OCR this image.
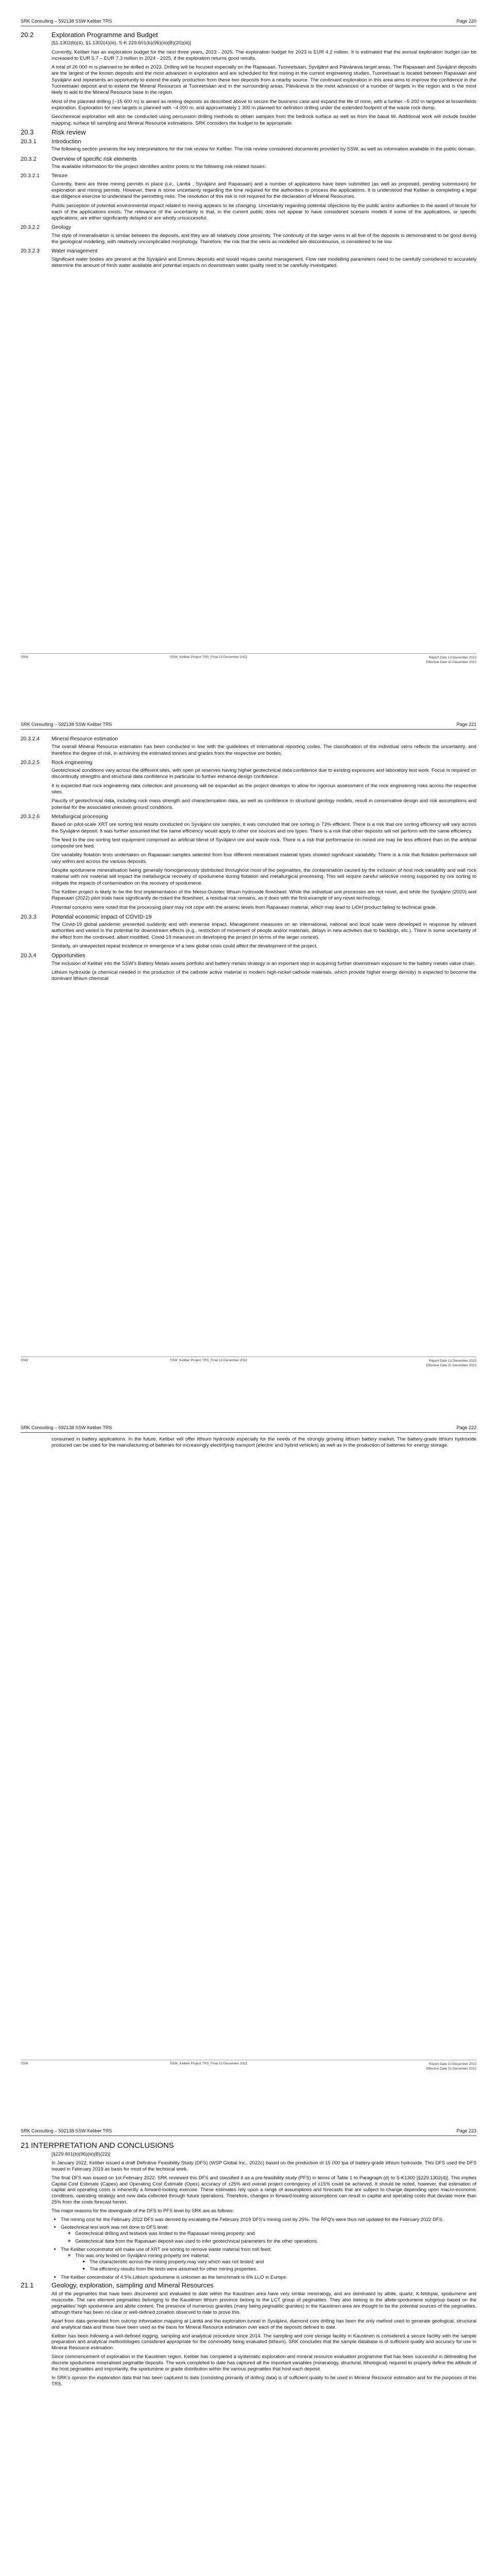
SRK Consulting – 592138 SSW Keliber TRS	Page 220
20.2	Exploration Programme and Budget

[§1.1302(b)(4), §1.1302(4)(iii), S-K 229.601(b)(96)(iii)(B)(20)(iii)]

Currently, Keliber has an exploration budget for the next three years, 2023 - 2025. The exploration budget for 2023 is EUR 4.2 million. It is estimated that the annual exploration budget can be increased to EUR 5.7 – EUR 7.3 million in 2024 - 2025, if the exploration returns good results.

A total of 26 000 m is planned to be drilled in 2023. Drilling will be focused especially on the Rapasaari, Tuoreetsaari, Syväjärvi and Päiväneva target areas. The Rapasaari and Syväjärvi deposits are the largest of the known deposits and the most advanced in exploration and are scheduled for first mining in the current engineering studies. Tuoreetsaari is located between Rapasaari and Syväjärvi and represents an opportunity to extend the early production from these two deposits from a nearby source. The continued exploration in this area aims to improve the confidence in the Tuoreetsaari deposit and to extend the Mineral Resources at Tuoreetsaari and in the surrounding areas. Päiväneva is the most advanced of a number of targets in the region and is the most likely to add to the Mineral Resource base in the region.

Most of the planned drilling (~15 600 m) is aimed as resting deposits as described above to secure the business case and expand the life of mine, with a further ~5 200 m targeted at brownfields exploration. Exploration for new targets is planned with ~4 000 m, and approximately 1 300 m planned for definition drilling under the extended footprint of the waste rock dump.

Geochemical exploration will also be conducted using percussion drilling methods to obtain samples from the bedrock surface as well as from the basal till. Additional work will include boulder mapping, surface till sampling and Mineral Resource estimations. SRK considers the budget to be appropriate.

20.3	Risk review
20.3.1	Introduction

The following section presents the key interpretations for the risk review for Keliber. The risk review considered documents provided by SSW, as well as information available in the public domain.

20.3.2	Overview of specific risk elements

The available information for the project identifies and/or points to the following risk-related issues:

20.3.2.1 Tenure

Currently, there are three mining permits in place (i.e., Länttä , Syväjärvi and Rapasaari) and a number of applications have been submitted (as well as proposed, pending submission) for exploration and mining permits. However, there is some uncertainty regarding the time required for the authorities to process the applications. It is understood that Keliber is completing a legal due diligence exercise to understand the permitting risks. The resolution of this risk is not required for the declaration of Mineral Resources.

Public perception of potential environmental impact related to mining appears to be changing. Uncertainty regarding potential objections by the public and/or authorities to the award of tenure for each of the applications exists. The relevance of the uncertainty is that, in the current public does not appear to have considered scenario models if some of the applications, or specific applications, are either significantly delayed or are wholly unsuccessful.

20.3.2.2 Geology

The style of mineralisation is similar between the deposits, and they are all relatively close proximity. The continuity of the larger veins in all five of the deposits is demonstrated to be good during the geological modelling, with relatively uncomplicated morphology. Therefore, the risk that the veins as modelled are discontinuous, is considered to be low.

20.3.2.3 Water management

Significant water bodies are present at the Syväjärvi and Emmes deposits and would require careful management. Flow rate modelling parameters need to be carefully considered to accurately determine the amount of fresh water available and potential impacts on downstream water quality need to be carefully investigated.

SSW	SSW_Keliber Project TRS_Final 13 December 2022	Report Date 13 December 2022
Effective Date 31 December 2022
SRK Consulting – 592138 SSW Keliber TRS	Page 221
20.3.2.4 Mineral Resource estimation

The overall Mineral Resource estimation has been conducted in line with the guidelines of international reporting codes. The classification of the individual veins reflects the uncertainty, and therefore the degree of risk, in achieving the estimated tonnes and grades from the respective ore bodies.

20.3.2.5 Rock engineering

Geotechnical conditions vary across the different sites, with open pit reserves having higher geotechnical data confidence due to existing exposures and laboratory test work. Focus is required on discontinuity strengths and structural data confidence in particular to further enhance design confidence.

It is expected that rock engineering data collection and processing will be expanded as the project develops to allow for rigorous assessment of the rock engineering risks across the respective sites.

Paucity of geotechnical data, including rock mass strength and characterisation data, as well as confidence in structural geology models, result in conservative design and risk assumptions and potential for the associated unknown ground conditions.

20.3.2.6 Metallurgical processing

Based on pilot-scale XRT ore sorting test results conducted on Syväjärvi ore samples, it was concluded that ore sorting is 73% efficient. There is a risk that ore sorting efficiency will vary across the Syväjärvi deposit. It was further assumed that the same efficiency would apply to other ore sources and ore types. There is a risk that other deposits will not perform with the same efficiency.

The feed to the ore sorting test equipment comprised an artificial blend of Syväjärvi ore and waste rock. There is a risk that performance on mined ore may be less efficient than on the artificial composite ore feed.

Ore variability flotation tests undertaken on Rapasaari samples selected from four different mineralised material types showed significant variability. There is a risk that flotation performance will vary within and across the various deposits.

Despite spodumene mineralisation being generally homogeneously distributed throughout most of the pegmatites, the contamination caused by the inclusion of host rock variability and wall rock material with ore material will impact the metallurgical recovery of spodumene during flotation and metallurgical processing. This will require careful selective mining supported by ore sorting to mitigate the impacts of contamination on the recovery of spodumene.

The Keliber project is likely to be the first implementation of the Metso:Outotec lithium hydroxide flowsheet. While the individual unit processes are not novel, and while the Syväjärvi (2020) and Rapasaari (2022) pilot trials have significantly de-risked the flowsheet, a residual risk remains, as it does with the first example of any novel technology.

Potential concerns were noted that the processing plant may not cope with the arsenic levels from Rapasaari material, which may lead to LiOH product failing to technical grade.

20.3.3	Potential economic impact of COVID-19

The Covid-19 global pandemic presented suddenly and with immense impact. Management measures on an international, national and local scale were developed in response by relevant authorities and varied in the potential for downstream effects (e.g., restriction of movement of people and/or materials, delays in new activities due to backlogs, etc.). There is some uncertainty of the effect from the continued, albeit modified, Covid-19 measures on developing the project (in terms of the larger context).

Similarly, an unexpected repeat incidence or emergence of a new global crisis could affect the development of the project.

20.3.4	Opportunities

The inclusion of Keliber into the SSW's Battery Metals assets portfolio and battery metals strategy is an important step in acquiring further downstream exposure to the battery metals value chain.

Lithium hydroxide (a chemical needed in the production of the cathode active material in modern high-nickel cathode materials, which provide higher energy density) is expected to become the dominant lithium chemical

SSW	SSW_Keliber Project TRS_Final 13 December 2022	Report Date 13 December 2022
Effective Date 31 December 2022
SRK Consulting – 592138 SSW Keliber TRS	Page 222

consumed in battery applications. In the future, Keliber will offer lithium hydroxide especially for the needs of the strongly growing lithium battery market. The battery-grade lithium hydroxide produced can be used for the manufacturing of batteries for increasingly electrifying transport (electric and hybrid vehicles) as well as in the production of batteries for energy storage.

SSW	SSW_Keliber Project TRS_Final 13 December 2022	Report Date 13 December 2022
Effective Date 31 December 2022
SRK Consulting – 592138 SSW Keliber TRS	Page 223
21 INTERPRETATION AND CONCLUSIONS

[§229.601(b)(96)(iii)(B)(22)]

In January 2022, Keliber issued a draft Definitive Feasibility Study (DFS) (WSP Global Inc., 2022c) based on the production of 15 000 tpa of battery-grade lithium hydroxide. This DFS used the DFS issued in February 2019 as basis for most of the technical work.

The final DFS was issued on 1st February 2022. SRK reviewed this DFS and classified it as a pre-feasibility study (PFS) in terms of Table 1 to Paragraph (d) to S-K1300 [§229.1302(d)]. This implies Capital Cost Estimate (Capex) and Operating Cost Estimate (Opex) accuracy of ±25% and overall project contingency of ≤15% could be achieved. It should be noted, however, that estimation of capital and operating costs is inherently a forward-looking exercise. These estimates rely upon a range of assumptions and forecasts that are subject to change depending upon macro-economic conditions, operating strategy and new data collected through future operations. Therefore, changes in forward-looking assumptions can result in capital and operating costs that deviate more than 25% from the costs forecast herein.

The major reasons for the downgrade of the DFS to PFS level by SRK are as follows:

• The mining cost for the February 2022 DFS was derived by escalating the February 2019 DFS's mining cost by 25%. The RFQ's were thus not updated for the February 2022 DFS.
• Geotechnical test work was not done to DFS level:
◦ Geotechnical drilling and testwork was limited to the Rapasaari mining property; and
◦ Geotechnical data from the Rapasaari deposit was used to infer geotechnical parameters for the other operations.
• The Keliber concentrator will make use of XRT ore sorting to remove waste material from mill feed;
◦ This was only tested on Syväjärvi mining property ore material;
▪ The characteristic across the mining property may vary which was not tested; and
▪ The efficiency results from the tests were assumed for other mining properties.
• The Keliber concentrator of 4.5% Lithium spodumene is unknown as the benchmark is 6% Li₂O in Europe.
21.1	Geology, exploration, sampling and Mineral Resources

All of the pegmatites that have been discovered and evaluated to date within the Kaustinen area have very similar mineralogy, and are dominated by albite, quartz, K-feldspar, spodumene and muscovite. The rare element pegmatites belonging to the Kaustinen lithium province belong to the LCT group of pegmatites. They also belong to the albite-spodumene subgroup based on the pegmatites' high spodumene and albite content. The presence of numerous granites (many being pegmatitic granites) in the Kaustinen area are thought to be the potential sources of the pegmatites, although there has been no clear or well-defined zonation observed to date to prove this.

Apart from data generated from outcrop information mapping at Länttä and the exploration tunnel in Syväjärvi, diamond core drilling has been the only method used to generate geological, structural and analytical data and these have been used as the basis for Mineral Resource estimation over each of the deposits defined to date.

Keliber has been following a well-defined logging, sampling and analytical procedure since 2014. The sampling and core storage facility in Kaustinen is considered a secure facility with the sample preparation and analytical methodologies considered appropriate for the commodity being evaluated (lithium). SRK concludes that the sample database is of sufficient quality and accuracy for use in Mineral Resource estimation.

Since commencement of exploration in the Kaustinen region, Keliber has completed a systematic exploration and mineral resource evaluation programme that has been successful in delineating five discrete spodumene mineralised pegmatite deposits. The work completed to date has captured all the important variables (mineralogy, structural, lithological) required to properly define the attitude of the host pegmatites and importantly, the spodumene or grade distribution within the various pegmatites that host each deposit.

In SRK's opinion the exploration data that has been captured to date (consisting primarily of drilling data) is of sufficient quality to be used in Mineral Resource estimation and for the purposes of this TRS.
